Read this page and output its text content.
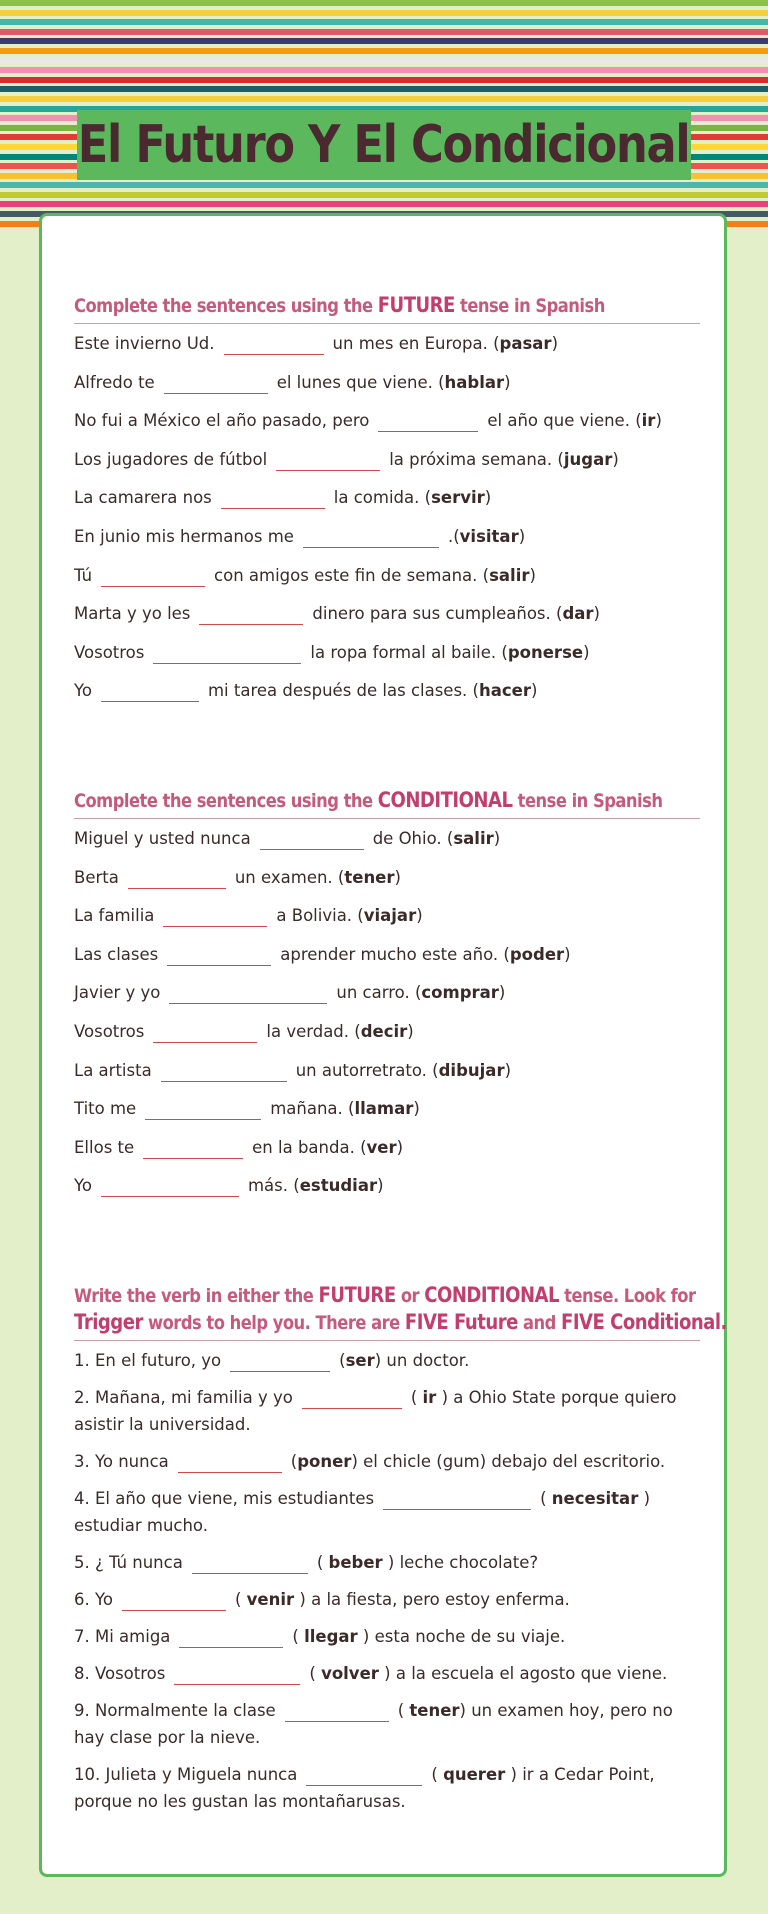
El Futuro Y El Condicional
Complete the sentences using the FUTURE tense in Spanish
Este invierno Ud.	un mes en Europa. (pasar)
Alfredo te	el lunes que viene. (hablar)
No fui a México el año pasado, pero	el año que viene. (ir)
Los jugadores de fútbol	la próxima semana. (jugar)
La camarera nos	la comida. (servir)
En junio mis hermanos me	.(visitar)
Tú	con amigos este fin de semana. (salir)
Marta y yo les	dinero para sus cumpleaños. (dar)
Vosotros	la ropa formal al baile. (ponerse)
Yo	mi tarea después de las clases. (hacer)
Complete the sentences using the CONDITIONAL tense in Spanish
Miguel y usted nunca	de Ohio. (salir)
Berta	un examen. (tener)
La familia	a Bolivia. (viajar)
Las clases	aprender mucho este año. (poder)
Javier y yo	un carro. (comprar)
Vosotros	la verdad. (decir)
La artista	un autorretrato. (dibujar)
Tito me	mañana. (llamar)
Ellos te	en la banda. (ver)
Yo	más. (estudiar)
Write the verb in either the FUTURE or CONDITIONAL tense. Look for
Trigger words to help you. There are FIVE Future and FIVE Conditional.
1. En el futuro, yo	(ser) un doctor.
2. Mañana, mi familia y yo	( ir ) a Ohio State porque quiero asistir la universidad.
3. Yo nunca	(poner) el chicle (gum) debajo del escritorio.
4. El año que viene, mis estudiantes	( necesitar ) estudiar mucho.
5. ¿ Tú nunca	( beber ) leche chocolate?
6. Yo	( venir ) a la fiesta, pero estoy enferma.
7. Mi amiga	( llegar ) esta noche de su viaje.
8. Vosotros	( volver ) a la escuela el agosto que viene.
9. Normalmente la clase	( tener) un examen hoy, pero no hay clase por la nieve.
10. Julieta y Miguela nunca	( querer ) ir a Cedar Point, porque no les gustan las montañarusas.
